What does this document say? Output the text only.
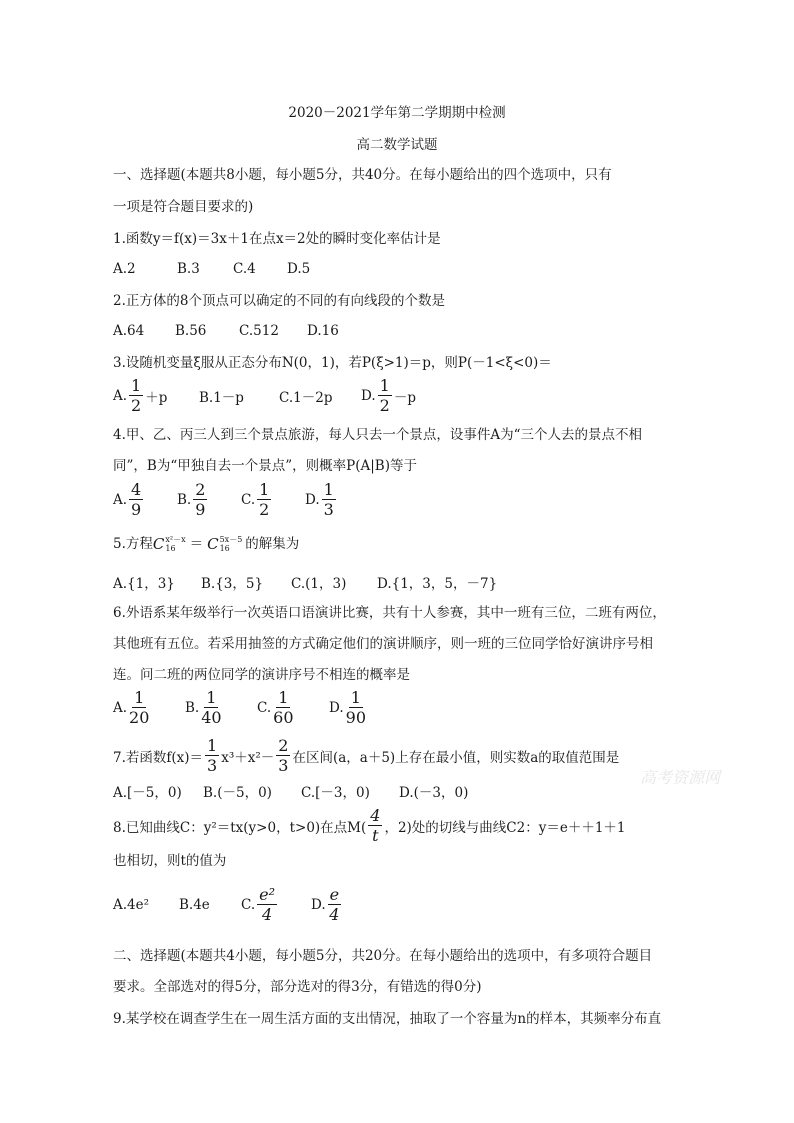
2020－2021学年第二学期期中检测
高二数学试题
一、选择题(本题共8小题，每小题5分，共40分。在每小题给出的四个选项中，只有
一项是符合题目要求的)
1.函数y＝f(x)＝3x＋1在点x＝2处的瞬时变化率估计是
A.2	B.3	C.4	D.5
2.正方体的8个顶点可以确定的不同的有向线段的个数是
A.64	B.56	C.512	D.16
3.设随机变量ξ服从正态分布N(0，1)，若P(ξ>1)＝p，则P(－1<ξ<0)＝
A. $\frac{1}{2} +p$ B.1－p	C.1－2p	D. $\frac{1}{2} -p$
4.甲、乙、丙三人到三个景点旅游，每人只去一个景点，设事件A为“三个人去的景点不相
同”，B为“甲独自去一个景点”，则概率P(A|B)等于
A. $\frac{4}{9}$	B. $\frac{2}{9} C$. $\frac{1}{2} D$. $\frac{1}{3}$
5.方程 C x²－x
16	＝ C 5x－5
16	的解集为
A.{1，3}	B.{3，5}	C.(1，3)	D.{1，3，5，－7}
6.外语系某年级举行一次英语口语演讲比赛，共有十人参赛，其中一班有三位，二班有两位，
其他班有五位。若采用抽签的方式确定他们的演讲顺序，则一班的三位同学恰好演讲序号相
连。问二班的两位同学的演讲序号不相连的概率是
A. $\frac{1}{20}$	B. $\frac{1}{40}$	C. $\frac{1}{60}$	D. $\frac{1}{90}$
7.若函数$f(x)= \frac{1}{3} x^3+x^2- \frac{2}{3}$ 在区间(a，a＋5)上存在最小值，则实数a的取值范围是
A.[－5，0)	B.(－5，0)	C.[－3，0)	D.(－3，0)
8.已知曲线C：y²＝tx(y>0，t>0)在点$M( \frac{4}{t}$ ，2)处的切线与曲线C2：y＝e＋＋1＋1
也相切，则t的值为
A.4e²	B.4e	C. $\frac{\text{e²}}{4}$	D. $\frac{e}{4}$
二、选择题(本题共4小题，每小题5分，共20分。在每小题给出的选项中，有多项符合题目
要求。全部选对的得5分，部分选对的得3分，有错选的得0分)
9.某学校在调查学生在一周生活方面的支出情况，抽取了一个容量为n的样本，其频率分布直
高考资源网
